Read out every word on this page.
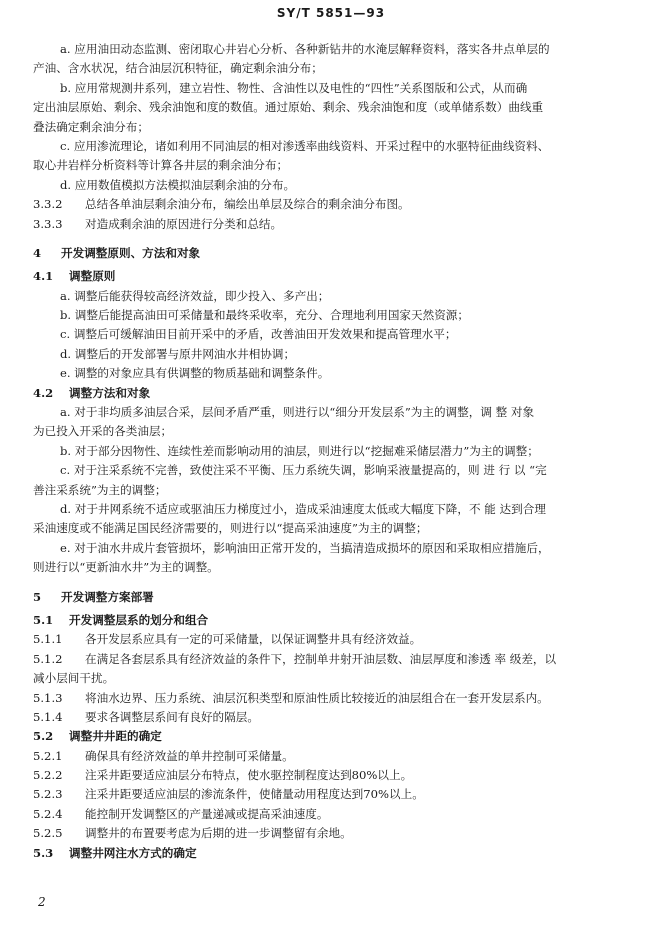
SY/T 5851—93
a. 应用油田动态监测、密闭取心井岩心分析、各种新钻井的水淹层解释资料，落实各井点单层的
产油、含水状况，结合油层沉积特征，确定剩余油分布；
b. 应用常规测井系列，建立岩性、物性、含油性以及电性的“四性”关系图版和公式，从而确
定出油层原始、剩余、残余油饱和度的数值。通过原始、剩余、残余油饱和度（或单储系数）曲线重
叠法确定剩余油分布；
c. 应用渗流理论，诸如利用不同油层的相对渗透率曲线资料、开采过程中的水驱特征曲线资料、
取心井岩样分析资料等计算各井层的剩余油分布；
d. 应用数值模拟方法模拟油层剩余油的分布。
3.3.2 总结各单油层剩余油分布，编绘出单层及综合的剩余油分布图。
3.3.3 对造成剩余油的原因进行分类和总结。
4 开发调整原则、方法和对象
4.1 调整原则
a. 调整后能获得较高经济效益，即少投入、多产出；
b. 调整后能提高油田可采储量和最终采收率，充分、合理地利用国家天然资源；
c. 调整后可缓解油田目前开采中的矛盾，改善油田开发效果和提高管理水平；
d. 调整后的开发部署与原井网油水井相协调；
e. 调整的对象应具有供调整的物质基础和调整条件。
4.2 调整方法和对象
a. 对于非均质多油层合采，层间矛盾严重，则进行以“细分开发层系”为主的调整，调 整 对象
为已投入开采的各类油层；
b. 对于部分因物性、连续性差而影响动用的油层，则进行以“挖掘难采储层潜力”为主的调整；
c. 对于注采系统不完善，致使注采不平衡、压力系统失调，影响采液量提高的，则 进 行 以 “完
善注采系统”为主的调整；
d. 对于井网系统不适应或驱油压力梯度过小，造成采油速度太低或大幅度下降，不 能 达到合理
采油速度或不能满足国民经济需要的，则进行以“提高采油速度”为主的调整；
e. 对于油水井成片套管损坏，影响油田正常开发的，当搞清造成损坏的原因和采取相应措施后，
则进行以“更新油水井”为主的调整。
5 开发调整方案部署
5.1 开发调整层系的划分和组合
5.1.1 各开发层系应具有一定的可采储量，以保证调整井具有经济效益。
5.1.2 在满足各套层系具有经济效益的条件下，控制单井射开油层数、油层厚度和渗透 率 级差，以
减小层间干扰。
5.1.3 将油水边界、压力系统、油层沉积类型和原油性质比较接近的油层组合在一套开发层系内。
5.1.4 要求各调整层系间有良好的隔层。
5.2 调整井井距的确定
5.2.1 确保具有经济效益的单井控制可采储量。
5.2.2 注采井距要适应油层分布特点，使水驱控制程度达到80%以上。
5.2.3 注采井距要适应油层的渗流条件，使储量动用程度达到70%以上。
5.2.4 能控制开发调整区的产量递减或提高采油速度。
5.2.5 调整井的布置要考虑为后期的进一步调整留有余地。
5.3 调整井网注水方式的确定
2
